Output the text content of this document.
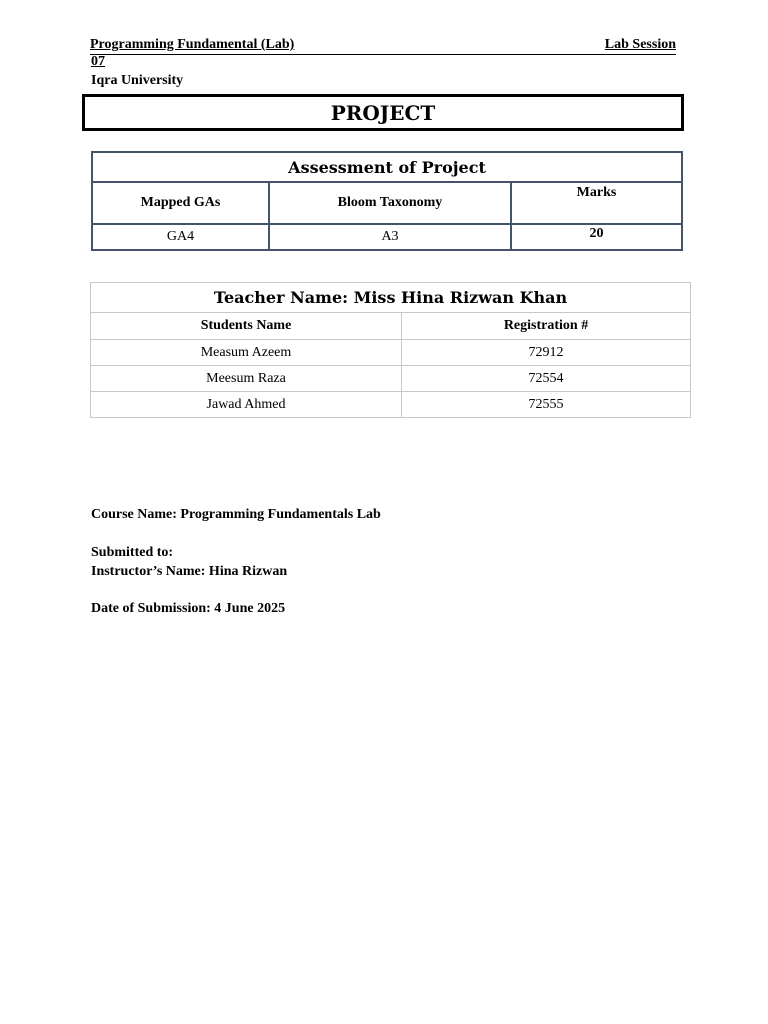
Programming Fundamental (Lab)	Lab Session
07
Iqra University
PROJECT
Assessment of Project		
Mapped GAs	Bloom Taxonomy	Marks
GA4	A3	20
Teacher Name: Miss Hina Rizwan Khan	
Students Name	Registration #
Measum Azeem	72912
Meesum Raza	72554
Jawad Ahmed	72555
Course Name: Programming Fundamentals Lab
Submitted to:
Instructor’s Name: Hina Rizwan
Date of Submission: 4 June 2025
